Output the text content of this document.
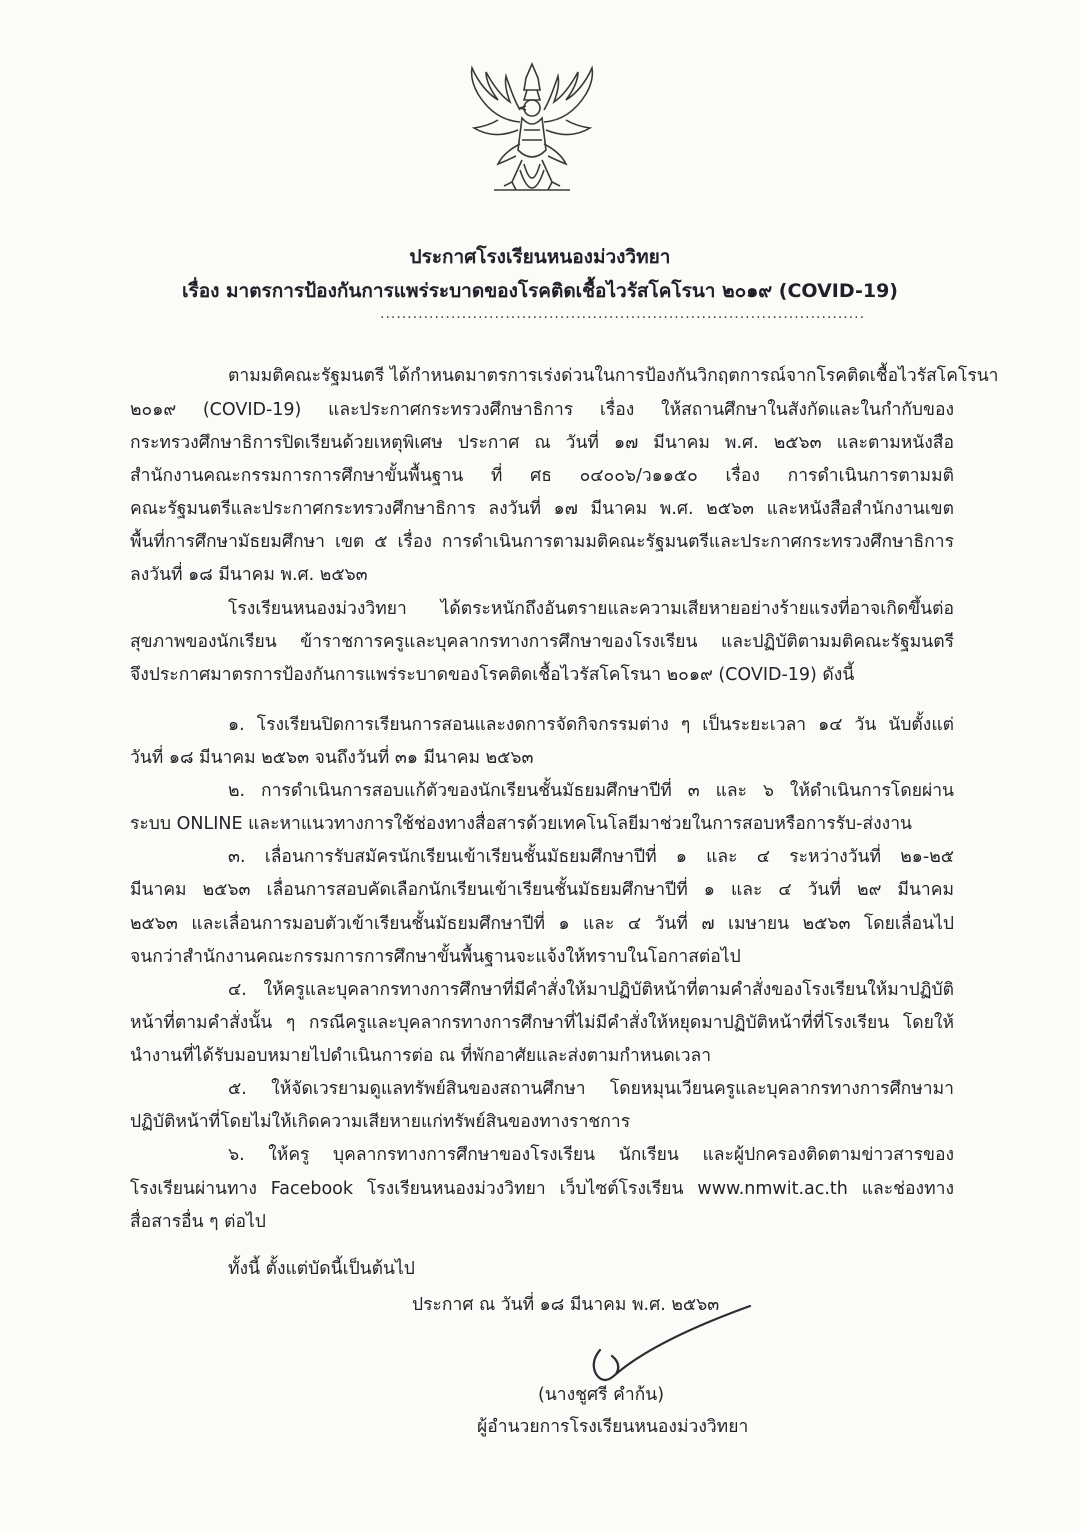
ประกาศโรงเรียนหนองม่วงวิทยา
เรื่อง มาตรการป้องกันการแพร่ระบาดของโรคติดเชื้อไวรัสโคโรนา ๒๐๑๙ (COVID-19)
.........................................................................................
ตามมติคณะรัฐมนตรี ได้กำหนดมาตรการเร่งด่วนในการป้องกันวิกฤตการณ์จากโรคติดเชื้อไวรัสโคโรนา
๒๐๑๙ (COVID-19) และประกาศกระทรวงศึกษาธิการ เรื่อง ให้สถานศึกษาในสังกัดและในกำกับของ
กระทรวงศึกษาธิการปิดเรียนด้วยเหตุพิเศษ ประกาศ ณ วันที่ ๑๗ มีนาคม พ.ศ. ๒๕๖๓ และตามหนังสือ
สำนักงานคณะกรรมการการศึกษาขั้นพื้นฐาน ที่ ศธ ๐๔๐๐๖/ว๑๑๕๐ เรื่อง การดำเนินการตามมติ
คณะรัฐมนตรีและประกาศกระทรวงศึกษาธิการ ลงวันที่ ๑๗ มีนาคม พ.ศ. ๒๕๖๓ และหนังสือสำนักงานเขต
พื้นที่การศึกษามัธยมศึกษา เขต ๕ เรื่อง การดำเนินการตามมติคณะรัฐมนตรีและประกาศกระทรวงศึกษาธิการ
ลงวันที่ ๑๘ มีนาคม พ.ศ. ๒๕๖๓
โรงเรียนหนองม่วงวิทยา ได้ตระหนักถึงอันตรายและความเสียหายอย่างร้ายแรงที่อาจเกิดขึ้นต่อ
สุขภาพของนักเรียน ข้าราชการครูและบุคลากรทางการศึกษาของโรงเรียน และปฏิบัติตามมติคณะรัฐมนตรี
จึงประกาศมาตรการป้องกันการแพร่ระบาดของโรคติดเชื้อไวรัสโคโรนา ๒๐๑๙ (COVID-19) ดังนี้
๑. โรงเรียนปิดการเรียนการสอนและงดการจัดกิจกรรมต่าง ๆ เป็นระยะเวลา ๑๔ วัน นับตั้งแต่
วันที่ ๑๘ มีนาคม ๒๕๖๓ จนถึงวันที่ ๓๑ มีนาคม ๒๕๖๓
๒. การดำเนินการสอบแก้ตัวของนักเรียนชั้นมัธยมศึกษาปีที่ ๓ และ ๖ ให้ดำเนินการโดยผ่าน
ระบบ ONLINE และหาแนวทางการใช้ช่องทางสื่อสารด้วยเทคโนโลยีมาช่วยในการสอบหรือการรับ-ส่งงาน
๓. เลื่อนการรับสมัครนักเรียนเข้าเรียนชั้นมัธยมศึกษาปีที่ ๑ และ ๔ ระหว่างวันที่ ๒๑-๒๕
มีนาคม ๒๕๖๓ เลื่อนการสอบคัดเลือกนักเรียนเข้าเรียนชั้นมัธยมศึกษาปีที่ ๑ และ ๔ วันที่ ๒๙ มีนาคม
๒๕๖๓ และเลื่อนการมอบตัวเข้าเรียนชั้นมัธยมศึกษาปีที่ ๑ และ ๔ วันที่ ๗ เมษายน ๒๕๖๓ โดยเลื่อนไป
จนกว่าสำนักงานคณะกรรมการการศึกษาขั้นพื้นฐานจะแจ้งให้ทราบในโอกาสต่อไป
๔. ให้ครูและบุคลากรทางการศึกษาที่มีคำสั่งให้มาปฏิบัติหน้าที่ตามคำสั่งของโรงเรียนให้มาปฏิบัติ
หน้าที่ตามคำสั่งนั้น ๆ กรณีครูและบุคลากรทางการศึกษาที่ไม่มีคำสั่งให้หยุดมาปฏิบัติหน้าที่ที่โรงเรียน โดยให้
นำงานที่ได้รับมอบหมายไปดำเนินการต่อ ณ ที่พักอาศัยและส่งตามกำหนดเวลา
๕. ให้จัดเวรยามดูแลทรัพย์สินของสถานศึกษา โดยหมุนเวียนครูและบุคลากรทางการศึกษามา
ปฏิบัติหน้าที่โดยไม่ให้เกิดความเสียหายแก่ทรัพย์สินของทางราชการ
๖. ให้ครู บุคลากรทางการศึกษาของโรงเรียน นักเรียน และผู้ปกครองติดตามข่าวสารของ
โรงเรียนผ่านทาง Facebook โรงเรียนหนองม่วงวิทยา เว็บไซต์โรงเรียน www.nmwit.ac.th และช่องทาง
สื่อสารอื่น ๆ ต่อไป
ทั้งนี้ ตั้งแต่บัดนี้เป็นต้นไป
ประกาศ ณ วันที่ ๑๘ มีนาคม พ.ศ. ๒๕๖๓
(นางชูศรี คำก้น)
ผู้อำนวยการโรงเรียนหนองม่วงวิทยา
